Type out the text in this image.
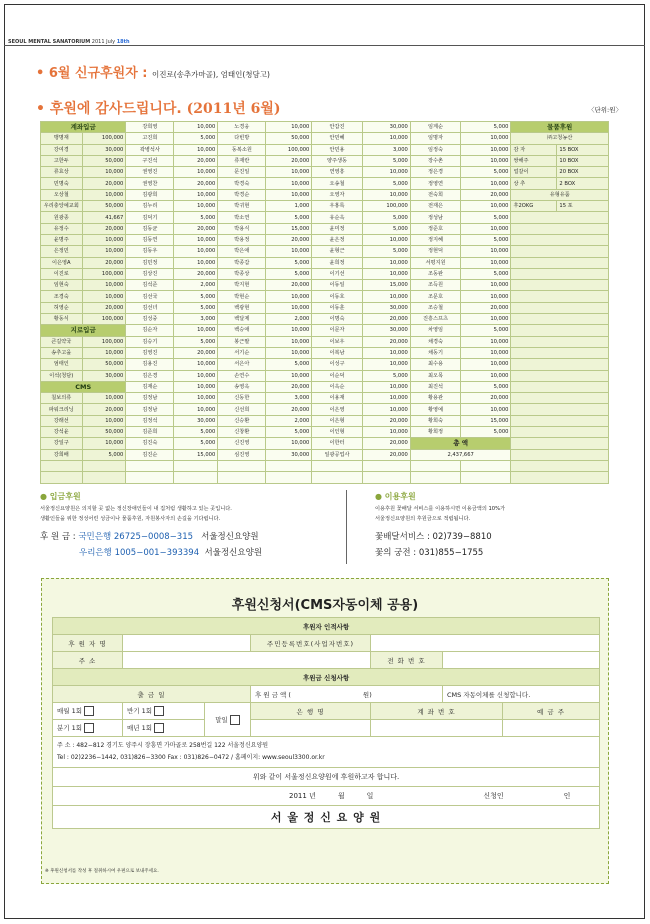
SEOUL MENTAL SANATORIUM 2011 July 18th
• 6월 신규후원자 : 이진로(송추가마골), 엄태인(청담고)
• 후원에 감사드립니다. (2011년 6월)	〈단위:원〉
계좌입금		강희영	10,000	노경웅	10,000	안갑진	30,000	임계순	5,000	물품후원	
맹명재	100,000	고진희	5,000	다빈방	50,000	안민혜	10,000	임명자	10,000	㈜고청농산	
강여경	30,000	곽병석사	10,000	동복소원	100,000	안민용	3,000	임정숙	10,000	감 자	15 BOX
고한두	50,000	구진석	20,000	류재란	20,000	양주생동	5,000	장수촌	10,000	쌍해주	10 BOX
류효상	10,000	권영진	10,000	문진일	10,000	연영흥	10,000	정은경	5,000	얼갈이	20 BOX
민명숙	20,000	권영찬	20,000	박경숙	10,000	오송철	5,000	정영연	10,000	상 추	2 BOX
오상철	10,000	김광희	10,000	박경순	10,000	오영자	10,000	전숙희	20,000	유형유품	
우리충앙예교회	50,000	김누리	10,000	박귀현	1,000	우홍록	100,000	전재은	10,000	후2OKG	15 포
원광종	41,667	김덕기	5,000	박소연	5,000	유순옥	5,000	정성남	5,000		
유정수	20,000	김동균	20,000	박용식	15,000	윤미정	5,000	정준호	10,000		
윤명주	10,000	김동연	10,000	박용정	20,000	윤은정	10,000	정지혜	5,000		
은정민	10,000	김동우	10,000	박은애	10,000	윤형근	5,000	정현덕	10,000		
이은영A	20,000	김민정	10,000	박종갑	5,000	윤희정	10,000	서평지원	10,000		
이진로	100,000	김상진	20,000	박종상	5,000	이기선	10,000	조동완	5,000		
임현숙	10,000	김석준	2,000	박지현	20,000	이동일	15,000	조득원	10,000		
조경숙	10,000	김선국	5,000	박현순	10,000	이동호	10,000	조문호	10,000		
허영순	20,000	김선녀	5,000	백광현	10,000	이동훈	30,000	조승철	20,000		
황동식	100,000	김성중	3,000	백달제	2,000	이명숙	20,000	진흥스프츠	10,000		
지로입금		김순자	10,000	백승애	10,000	이문자	30,000	차영임	5,000		
큰길약국	100,000	김승기	5,000	봉근팔	10,000	이보우	20,000	채경숙	10,000		
송추고을	10,000	김영진	20,000	서기순	10,000	이복남	10,000	채동기	10,000		
엄태인	50,000	김용진	10,000	서은아	5,000	이성구	10,000	최수용	10,000		
이석(청담)	30,000	김은경	10,000	손연수	10,000	이순덕	5,000	최오목	10,000		
CMS		김재순	10,000	송영옥	20,000	이옥순	10,000	최진석	5,000		
칠보의류	10,000	김정남	10,000	신동한	3,000	이용재	10,000	황용관	20,000		
파워크리닝	20,000	김정남	10,000	신선희	20,000	이은영	10,000	황영예	10,000		
강래선	10,000	김정석	30,000	신승환	2,000	이은형	20,000	황희숙	15,000		
강석윤	50,000	김준희	5,000	신창환	5,000	이인형	10,000	황희정	5,000		
강일구	10,000	김진숙	5,000	신진영	10,000	이한터	20,000	총 액			
강희배	5,000	김진순	15,000	심진영	30,000	일광공업사	20,000	2,437,667			

● 입금후원
서울정신요양원은 의지할 곳 없는 정신장애인들이 내 집처럼 생활하고 있는 곳입니다.
생활인들을 위한 정성어린 성금이나 물품후원, 자원봉사자의 손길을 기다립니다.
후 원 금 : 국민은행 26725−0008−315 서울정신요양원
우리은행 1005−001−393394 서울정신요양원
● 이용후원
이용후원 꽃배달 서비스를 이용하시면 이용금액의 10%가
서울정신요양원의 후원금으로 적립됩니다.
꽃배달서비스 : 02)739−8810
꽃의 궁전 : 031)855−1755
후원신청서(CMS자동이체 공용)
후원자 인적사항						
후 원 자 명			주민등록번호(사업자번호)			
주 소				전 화 번 호		
후원금 신청사항						
출 금 일			후 원 금 액 ( 원)		CMS 자동이체를 신청합니다.	
매월 1회	반기 1회	말일	은 행 명	계 좌 번 호		예 금 주
분기 1회	매년 1회					

주 소 : 482−812 경기도 양주시 장흥면 가마골로 258번길 122 서울정신요양원
Tel : 02)2236−1442, 031)826−3300 Fax : 031)826−0472 / 홈페이지: www.seoul3300.or.kr						

위와 같이 서울정신요양원에 후원하고자 합니다.						
2011 년 월 일 신청인 인						
서 울 정 신 요 양 원						
※ 후원신청서를 작성 후 절취하시여 우편으로 보내주세요.
